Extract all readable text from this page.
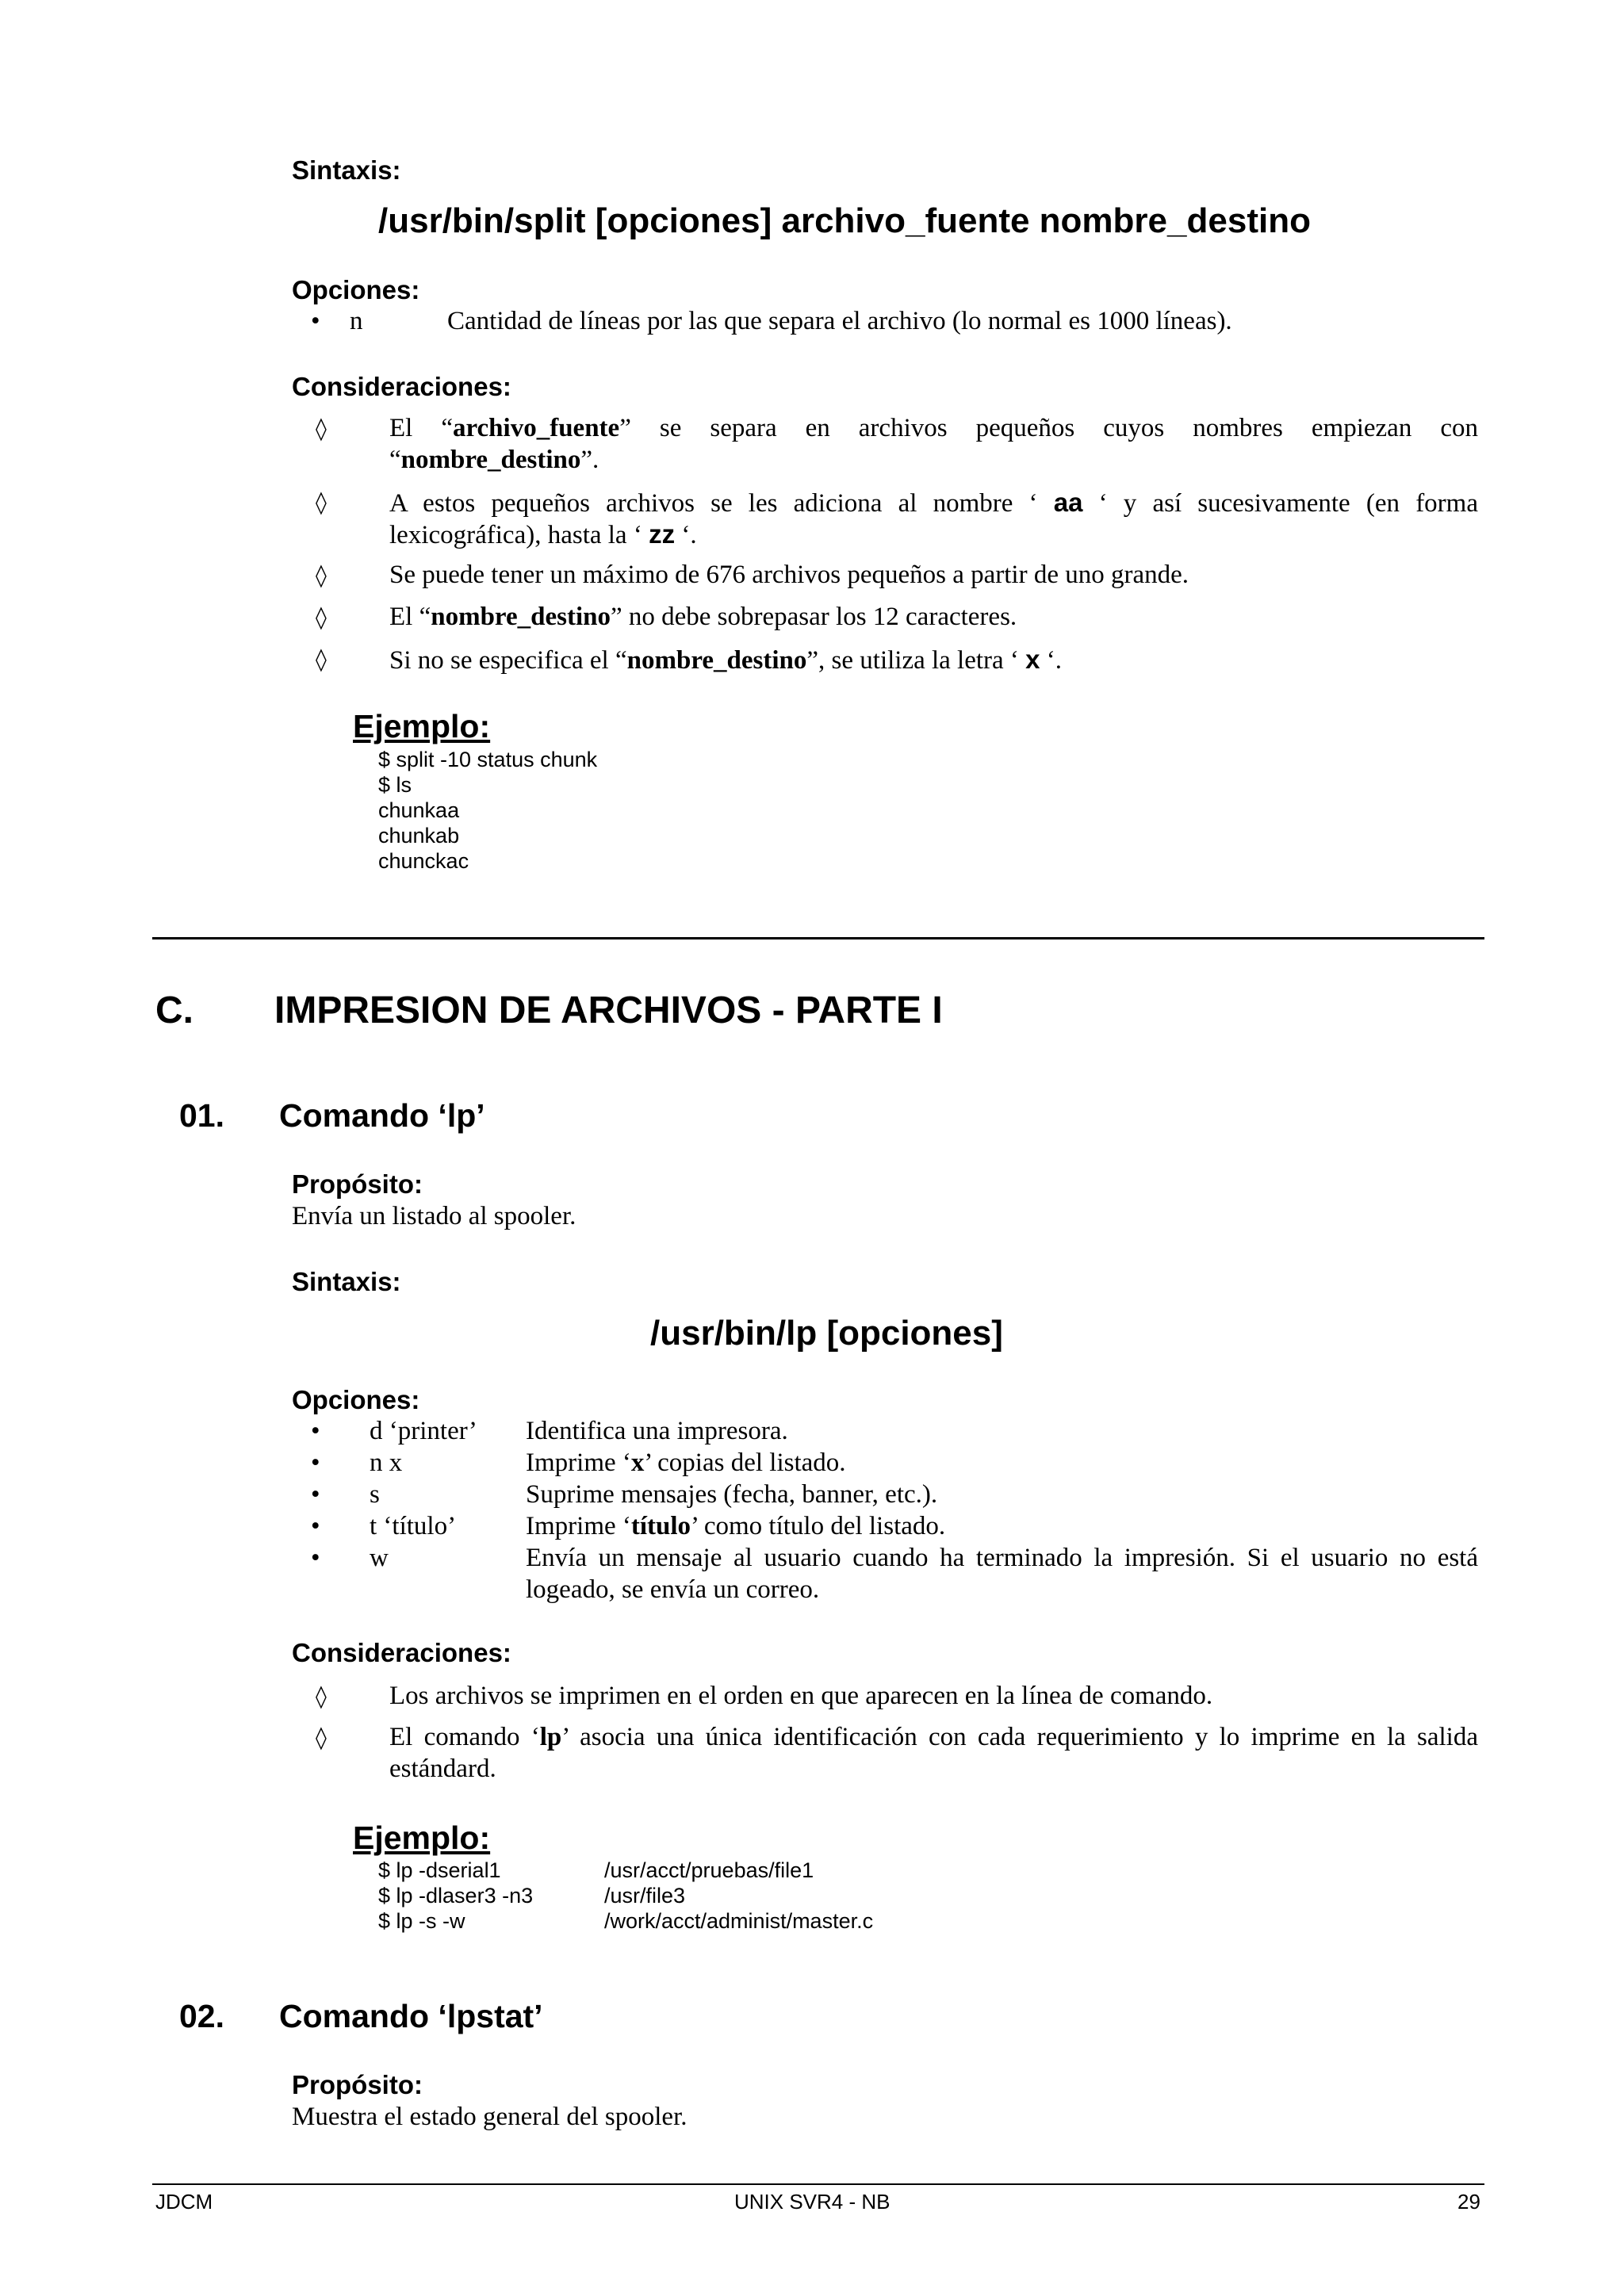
Sintaxis:
/usr/bin/split [opciones] archivo_fuente nombre_destino
Opciones:
• n	Cantidad de líneas por las que separa el archivo (lo normal es 1000 líneas).
Consideraciones:
◊ El “archivo_fuente” se separa en archivos pequeños cuyos nombres empiezan con
“nombre_destino”.
◊ A estos pequeños archivos se les adiciona al nombre ‘ aa ‘ y así sucesivamente (en forma
lexicográfica), hasta la ‘ zz ‘.
◊ Se puede tener un máximo de 676 archivos pequeños a partir de uno grande.
◊ El “nombre_destino” no debe sobrepasar los 12 caracteres.
◊ Si no se especifica el “nombre_destino”, se utiliza la letra ‘ x ‘.
Ejemplo:
$ split -10 status chunk
$ ls
chunkaa
chunkab
chunckac
C. IMPRESION DE ARCHIVOS - PARTE I
01. Comando ‘lp’
Propósito:
Envía un listado al spooler.
Sintaxis:
/usr/bin/lp [opciones]
Opciones:
• d ‘printer’ Identifica una impresora.
• n x	Imprime ‘x’ copias del listado.
• s	Suprime mensajes (fecha, banner, etc.).
• t ‘título’	Imprime ‘título’ como título del listado.
• w	Envía un mensaje al usuario cuando ha terminado la impresión. Si el usuario no está
logeado, se envía un correo.
Consideraciones:
◊ Los archivos se imprimen en el orden en que aparecen en la línea de comando.
◊ El comando ‘lp’ asocia una única identificación con cada requerimiento y lo imprime en la salida
estándard.
Ejemplo:
$ lp -dserial1	/usr/acct/pruebas/file1
$ lp -dlaser3 -n3	/usr/file3
$ lp -s -w	/work/acct/administ/master.c
02. Comando ‘lpstat’
Propósito:
Muestra el estado general del spooler.
JDCM	UNIX SVR4 - NB	29
